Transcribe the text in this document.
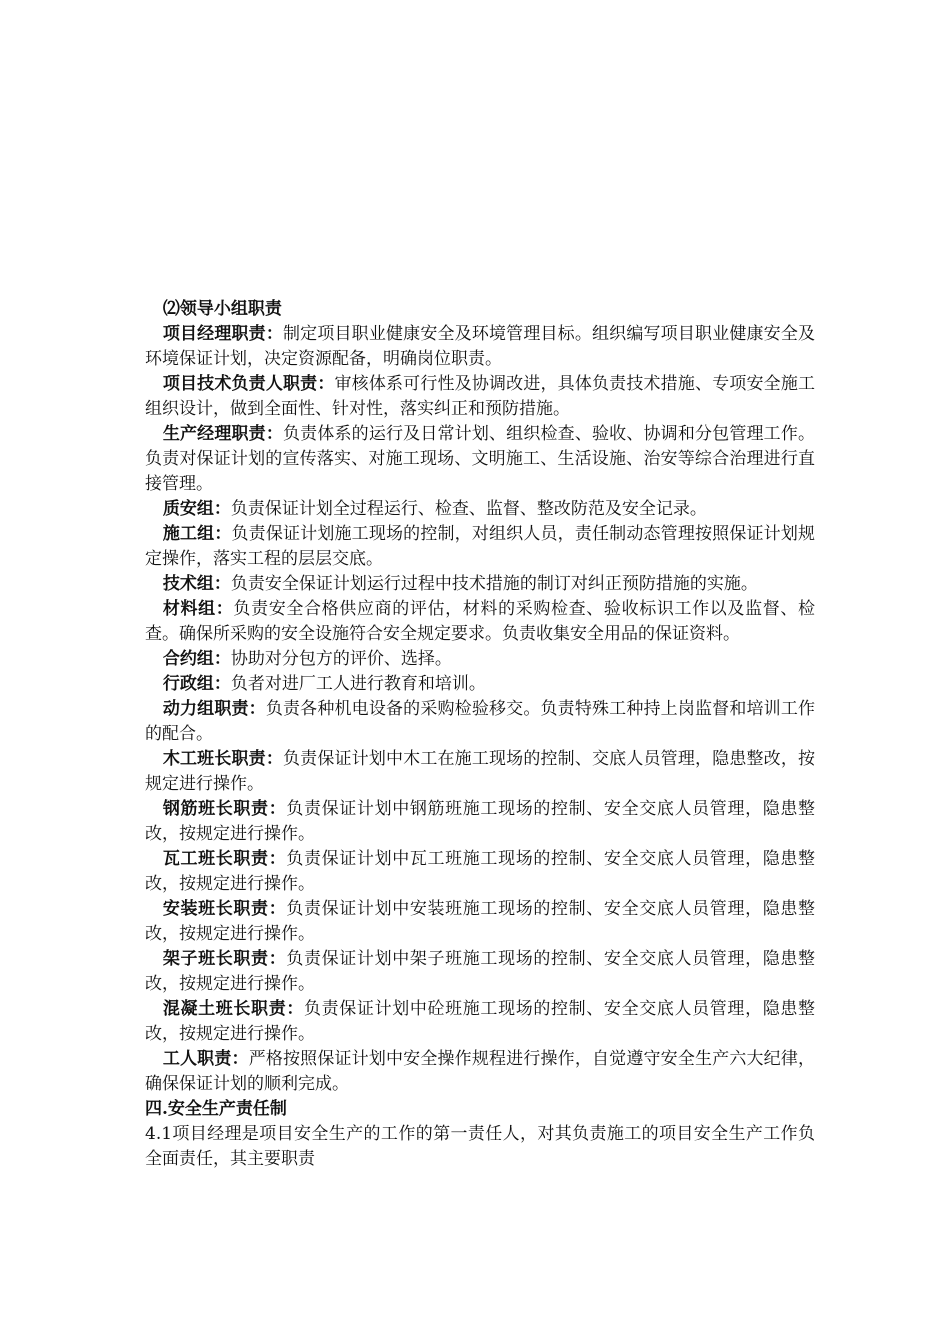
⑵领导小组职责

项目经理职责：制定项目职业健康安全及环境管理目标。组织编写项目职业健康安全及环境保证计划，决定资源配备，明确岗位职责。

项目技术负责人职责：审核体系可行性及协调改进，具体负责技术措施、专项安全施工组织设计，做到全面性、针对性，落实纠正和预防措施。

生产经理职责：负责体系的运行及日常计划、组织检查、验收、协调和分包管理工作。负责对保证计划的宣传落实、对施工现场、文明施工、生活设施、治安等综合治理进行直接管理。

质安组：负责保证计划全过程运行、检查、监督、整改防范及安全记录。

施工组：负责保证计划施工现场的控制，对组织人员，责任制动态管理按照保证计划规定操作，落实工程的层层交底。

技术组：负责安全保证计划运行过程中技术措施的制订对纠正预防措施的实施。

材料组：负责安全合格供应商的评估，材料的采购检查、验收标识工作以及监督、检查。确保所采购的安全设施符合安全规定要求。负责收集安全用品的保证资料。

合约组：协助对分包方的评价、选择。

行政组：负者对进厂工人进行教育和培训。

动力组职责：负责各种机电设备的采购检验移交。负责特殊工种持上岗监督和培训工作的配合。

木工班长职责：负责保证计划中木工在施工现场的控制、交底人员管理，隐患整改，按规定进行操作。

钢筋班长职责：负责保证计划中钢筋班施工现场的控制、安全交底人员管理，隐患整改，按规定进行操作。

瓦工班长职责：负责保证计划中瓦工班施工现场的控制、安全交底人员管理，隐患整改，按规定进行操作。

安装班长职责：负责保证计划中安装班施工现场的控制、安全交底人员管理，隐患整改，按规定进行操作。

架子班长职责：负责保证计划中架子班施工现场的控制、安全交底人员管理，隐患整改，按规定进行操作。

混凝土班长职责：负责保证计划中砼班施工现场的控制、安全交底人员管理，隐患整改，按规定进行操作。

工人职责：严格按照保证计划中安全操作规程进行操作，自觉遵守安全生产六大纪律，确保保证计划的顺利完成。

四.安全生产责任制

4.1项目经理是项目安全生产的工作的第一责任人，对其负责施工的项目安全生产工作负全面责任，其主要职责
